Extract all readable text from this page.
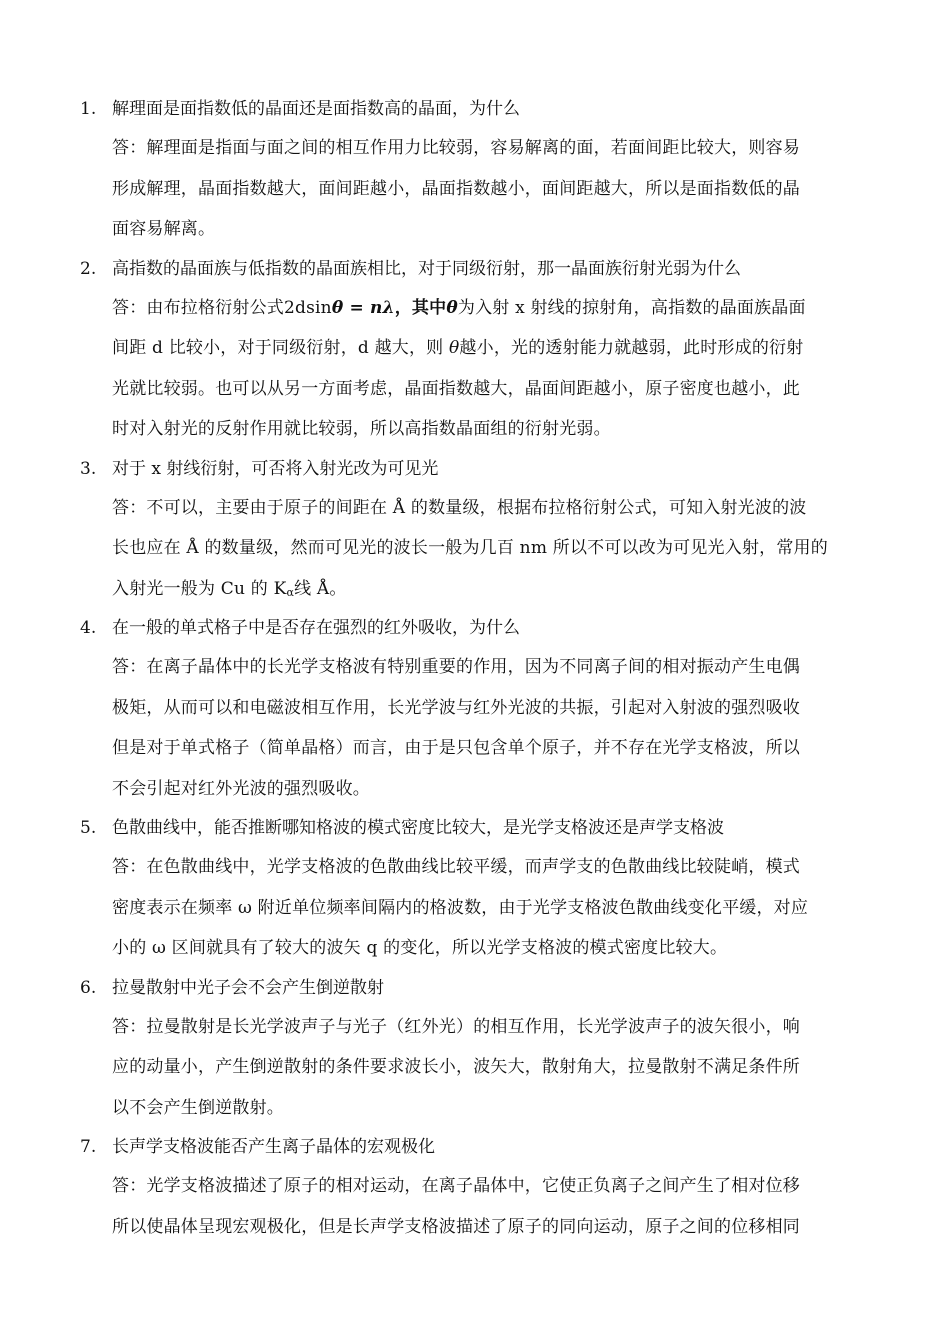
1. 解理面是面指数低的晶面还是面指数高的晶面，为什么
答：解理面是指面与面之间的相互作用力比较弱，容易解离的面，若面间距比较大，则容易
形成解理，晶面指数越大，面间距越小，晶面指数越小，面间距越大，所以是面指数低的晶
面容易解离。
2. 高指数的晶面族与低指数的晶面族相比，对于同级衍射，那一晶面族衍射光弱为什么
答：由布拉格衍射公式2dsinθ = nλ，其中θ为入射 x 射线的掠射角，高指数的晶面族晶面
间距 d 比较小，对于同级衍射，d 越大，则 θ越小，光的透射能力就越弱，此时形成的衍射
光就比较弱。也可以从另一方面考虑，晶面指数越大，晶面间距越小，原子密度也越小，此
时对入射光的反射作用就比较弱，所以高指数晶面组的衍射光弱。
3. 对于 x 射线衍射，可否将入射光改为可见光
答：不可以，主要由于原子的间距在 Å 的数量级，根据布拉格衍射公式，可知入射光波的波
长也应在 Å 的数量级，然而可见光的波长一般为几百 nm 所以不可以改为可见光入射，常用的
入射光一般为 Cu 的 $K_\alpha$线 Å。
4. 在一般的单式格子中是否存在强烈的红外吸收，为什么
答：在离子晶体中的长光学支格波有特别重要的作用，因为不同离子间的相对振动产生电偶
极矩，从而可以和电磁波相互作用，长光学波与红外光波的共振，引起对入射波的强烈吸收
但是对于单式格子（简单晶格）而言，由于是只包含单个原子，并不存在光学支格波，所以
不会引起对红外光波的强烈吸收。
5. 色散曲线中，能否推断哪知格波的模式密度比较大，是光学支格波还是声学支格波
答：在色散曲线中，光学支格波的色散曲线比较平缓，而声学支的色散曲线比较陡峭，模式
密度表示在频率 ω 附近单位频率间隔内的格波数，由于光学支格波色散曲线变化平缓，对应
小的 ω 区间就具有了较大的波矢 q 的变化，所以光学支格波的模式密度比较大。
6. 拉曼散射中光子会不会产生倒逆散射
答：拉曼散射是长光学波声子与光子（红外光）的相互作用，长光学波声子的波矢很小，响
应的动量小，产生倒逆散射的条件要求波长小，波矢大，散射角大，拉曼散射不满足条件所
以不会产生倒逆散射。
7. 长声学支格波能否产生离子晶体的宏观极化
答：光学支格波描述了原子的相对运动，在离子晶体中，它使正负离子之间产生了相对位移
所以使晶体呈现宏观极化，但是长声学支格波描述了原子的同向运动，原子之间的位移相同
